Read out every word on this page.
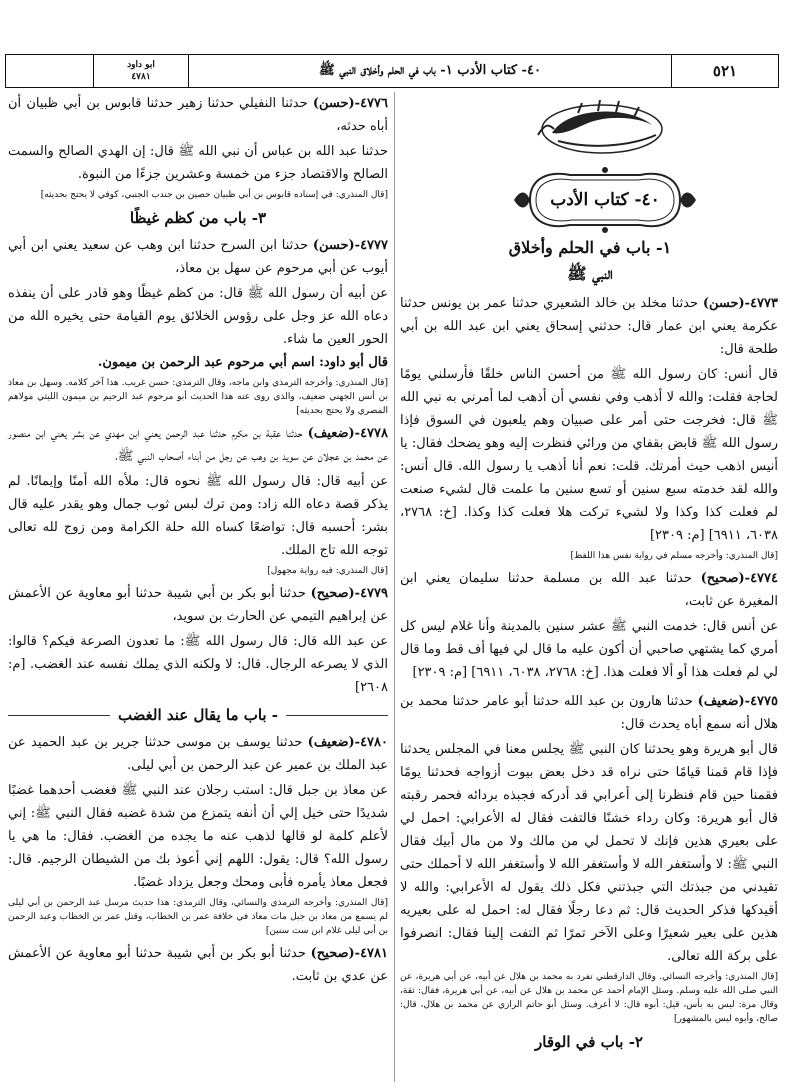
٥٢١
٤٠- كتاب الأدب ١- باب في الحلم وأخلاق النبي ﷺ
ابو داود
٤٧٨١
٤٠- كتاب الأدب
١- باب في الحلم وأخلاق
النبي ﷺ

٤٧٧٣-(حسن) حدثنا مخلد بن خالد الشعيري حدثنا عمر بن يونس حدثنا عكرمة يعني ابن عمار قال: حدثني إسحاق يعني ابن عبد الله بن أبي طلحة قال:

قال أنس: كان رسول الله ﷺ من أحسن الناس خلقًا فأرسلني يومًا لحاجة فقلت: والله لا أذهب وفي نفسي أن أذهب لما أمرني به نبي الله ﷺ قال: فخرجت حتى أمر على صبيان وهم يلعبون في السوق فإذا رسول الله ﷺ قابض بقفاي من ورائي فنظرت إليه وهو يضحك فقال: يا أنيس اذهب حيث أمرتك. قلت: نعم أنا أذهب يا رسول الله. قال أنس: والله لقد خدمته سبع سنين أو تسع سنين ما علمت قال لشيء صنعت لم فعلت كذا وكذا ولا لشيء تركت هلا فعلت كذا وكذا. [خ: ٢٧٦٨، ٦٠٣٨، ٦٩١١] [م: ٢٣٠٩]

[قال المنذري: وأخرجه مسلم في رواية نفس هذا اللفظ]

٤٧٧٤-(صحيح) حدثنا عبد الله بن مسلمة حدثنا سليمان يعني ابن المغيرة عن ثابت،

عن أنس قال: خدمت النبي ﷺ عشر سنين بالمدينة وأنا غلام ليس كل أمري كما يشتهي صاحبي أن أكون عليه ما قال لي فيها أف قط وما قال لي لم فعلت هذا أو ألا فعلت هذا. [خ: ٢٧٦٨، ٦٠٣٨، ٦٩١١] [م: ٢٣٠٩]

٤٧٧٥-(ضعيف) حدثنا هارون بن عبد الله حدثنا أبو عامر حدثنا محمد بن هلال أنه سمع أباه يحدث قال:

قال أبو هريرة وهو يحدثنا كان النبي ﷺ يجلس معنا في المجلس يحدثنا فإذا قام قمنا قيامًا حتى نراه قد دخل بعض بيوت أزواجه فحدثنا يومًا فقمنا حين قام فنظرنا إلى أعرابي قد أدركه فجبذه بردائه فحمر رقبته قال أبو هريرة: وكان رداء خشنًا فالتفت فقال له الأعرابي: احمل لي على بعيري هذين فإنك لا تحمل لي من مالك ولا من مال أبيك فقال النبي ﷺ: لا وأستغفر الله لا وأستغفر الله لا وأستغفر الله لا أحملك حتى تقيدني من جبذتك التي جبذتني فكل ذلك يقول له الأعرابي: والله لا أقيدكها فذكر الحديث قال: ثم دعا رجلًا فقال له: احمل له على بعيريه هذين على بعير شعيرًا وعلى الآخر تمرًا ثم التفت إلينا فقال: انصرفوا على بركة الله تعالى.

[قال المنذري: وأخرجه النسائي. وقال الدارقطني تفرد به محمد بن هلال عن أبيه، عن أبي هريرة، عن النبي صلى الله عليه وسلم. وسئل الإمام أحمد عن محمد بن هلال عن أبيه، عن أبي هريرة، فقال: ثقة، وقال مرة: ليس به بأس، قيل: أبوه قال: لا أعرف. وسئل أبو حاتم الرازي عن محمد بن هلال، قال: صالح، وأبوه ليس بالمشهور]

٢- باب في الوقار

٤٧٧٦-(حسن) حدثنا النفيلي حدثنا زهير حدثنا قابوس بن أبي ظبيان أن أباه حدثه،

حدثنا عبد الله بن عباس أن نبي الله ﷺ قال: إن الهدي الصالح والسمت الصالح والاقتصاد جزء من خمسة وعشرين جزءًا من النبوة.

[قال المنذري: في إسناده قابوس بن أبي ظبيان حصين بن جندب الجنبي، كوفي لا يحتج بحديثه]

٣- باب من كظم غيظًا

٤٧٧٧-(حسن) حدثنا ابن السرح حدثنا ابن وهب عن سعيد يعني ابن أبي أيوب عن أبي مرحوم عن سهل بن معاذ،

عن أبيه أن رسول الله ﷺ قال: من كظم غيظًا وهو قادر على أن ينفذه دعاه الله عز وجل على رؤوس الخلائق يوم القيامة حتى يخيره الله من الحور العين ما شاء.

قال أبو داود: اسم أبي مرحوم عبد الرحمن بن ميمون.

[قال المنذري: وأخرجه الترمذي وابن ماجه، وقال الترمذي: حسن غريب. هذا آخر كلامه. وسهل بن معاذ بن أنس الجهني ضعيف، والذي روى عنه هذا الحديث أبو مرحوم عبد الرحيم بن ميمون الليثي مولاهم المصري ولا يحتج بحديثه]

٤٧٧٨-(ضعيف) حدثنا عقبة بن مكرم حدثنا عبد الرحمن يعني ابن مهدي عن بشر يعني ابن منصور عن محمد بن عجلان عن سويد بن وهب عن رجل من أبناء أصحاب النبي ﷺ،

عن أبيه قال: قال رسول الله ﷺ نحوه قال: ملأه الله أمنًا وإيمانًا. لم يذكر قصة دعاه الله زاد: ومن ترك لبس ثوب جمال وهو يقدر عليه قال بشر: أحسبه قال: تواضعًا كساه الله حلة الكرامة ومن زوج لله تعالى توجه الله تاج الملك.

[قال المنذري: فيه رواية مجهول]

٤٧٧٩-(صحيح) حدثنا أبو بكر بن أبي شيبة حدثنا أبو معاوية عن الأعمش عن إبراهيم التيمي عن الحارث بن سويد،

عن عبد الله قال: قال رسول الله ﷺ: ما تعدون الصرعة فيكم؟ قالوا: الذي لا يصرعه الرجال. قال: لا ولكنه الذي يملك نفسه عند الغضب. [م: ٢٦٠٨]

- باب ما يقال عند الغضب

٤٧٨٠-(ضعيف) حدثنا يوسف بن موسى حدثنا جرير بن عبد الحميد عن عبد الملك بن عمير عن عبد الرحمن بن أبي ليلى.

عن معاذ بن جبل قال: استب رجلان عند النبي ﷺ فغضب أحدهما غضبًا شديدًا حتى خيل إلي أن أنفه يتمزع من شدة غضبه فقال النبي ﷺ: إني لأعلم كلمة لو قالها لذهب عنه ما يجده من الغضب. فقال: ما هي يا رسول الله؟ قال: يقول: اللهم إني أعوذ بك من الشيطان الرجيم. قال: فجعل معاذ يأمره فأبى ومحك وجعل يزداد غضبًا.

[قال المنذري: وأخرجه الترمذي والنسائي، وقال الترمذي: هذا حديث مرسل عبد الرحمن بن أبي ليلى لم يسمع من معاذ بن جبل مات معاذ في خلافة عمر بن الخطاب، وقتل عمر بن الخطاب وعبد الرحمن بن أبي ليلى غلام ابن ست سنين]

٤٧٨١-(صحيح) حدثنا أبو بكر بن أبي شيبة حدثنا أبو معاوية عن الأعمش عن عدي بن ثابت.
